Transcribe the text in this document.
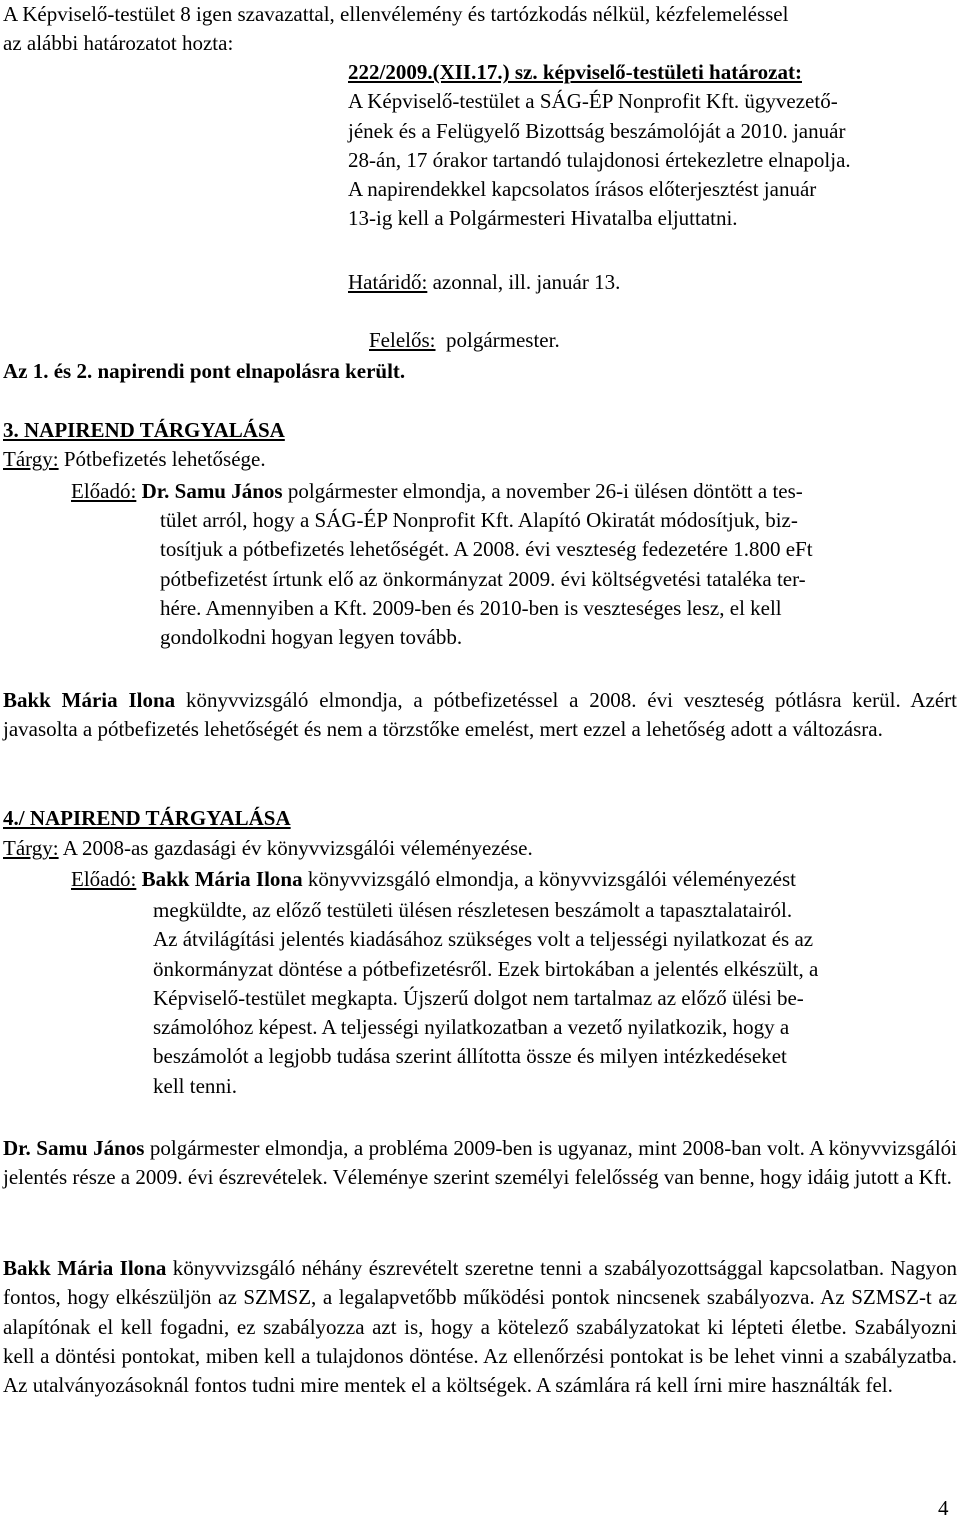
A Képviselő-testület 8 igen szavazattal, ellenvélemény és tartózkodás nélkül, kézfelemeléssel
az alábbi határozatot hozta:
222/2009.(XII.17.) sz. képviselő-testületi határozat:
A Képviselő-testület a SÁG-ÉP Nonprofit Kft. ügyvezető-
jének és a Felügyelő Bizottság beszámolóját a 2010. január
28-án, 17 órakor tartandó tulajdonosi értekezletre elnapolja.
A napirendekkel kapcsolatos írásos előterjesztést január
13-ig kell a Polgármesteri Hivatalba eljuttatni.
Határidő: azonnal, ill. január 13.

Felelős:  polgármester.

Az 1. és 2. napirendi pont elnapolásra került.
3. NAPIREND TÁRGYALÁSA
Tárgy: Pótbefizetés lehetősége.
Előadó: Dr. Samu János polgármester elmondja, a november 26-i ülésen döntött a tes-
tület arról, hogy a SÁG-ÉP Nonprofit Kft. Alapító Okiratát módosítjuk, biz-
tosítjuk a pótbefizetés lehetőségét. A 2008. évi veszteség fedezetére 1.800 eFt
pótbefizetést írtunk elő az önkormányzat 2009. évi költségvetési tataléka ter-
hére. Amennyiben a Kft. 2009-ben és 2010-ben is veszteséges lesz, el kell
gondolkodni hogyan legyen tovább.

Bakk Mária Ilona könyvvizsgáló elmondja, a pótbefizetéssel a 2008. évi veszteség pótlásra kerül. Azért javasolta a pótbefizetés lehetőségét és nem a törzstőke emelést, mert ezzel a lehetőség adott a változásra.

4./ NAPIREND TÁRGYALÁSA
Tárgy: A 2008-as gazdasági év könyvvizsgálói véleményezése.
Előadó: Bakk Mária Ilona könyvvizsgáló elmondja, a könyvvizsgálói véleményezést
megküldte, az előző testületi ülésen részletesen beszámolt a tapasztalatairól.
Az átvilágítási jelentés kiadásához szükséges volt a teljességi nyilatkozat és az
önkormányzat döntése a pótbefizetésről. Ezek birtokában a jelentés elkészült, a
Képviselő-testület megkapta. Újszerű dolgot nem tartalmaz az előző ülési be-
számolóhoz képest. A teljességi nyilatkozatban a vezető nyilatkozik, hogy a
beszámolót a legjobb tudása szerint állította össze és milyen intézkedéseket
kell tenni.

Dr. Samu János polgármester elmondja, a probléma 2009-ben is ugyanaz, mint 2008-ban volt. A könyvvizsgálói jelentés része a 2009. évi észrevételek. Véleménye szerint személyi felelősség van benne, hogy idáig jutott a Kft.

Bakk Mária Ilona könyvvizsgáló néhány észrevételt szeretne tenni a szabályozottsággal kapcsolatban. Nagyon fontos, hogy elkészüljön az SZMSZ, a legalapvetőbb működési pontok nincsenek szabályozva. Az SZMSZ-t az alapítónak el kell fogadni, ez szabályozza azt is, hogy a kötelező szabályzatokat ki lépteti életbe. Szabályozni kell a döntési pontokat, miben kell a tulajdonos döntése. Az ellenőrzési pontokat is be lehet vinni a szabályzatba. Az utalványozásoknál fontos tudni mire mentek el a költségek. A számlára rá kell írni mire használták fel.

4
